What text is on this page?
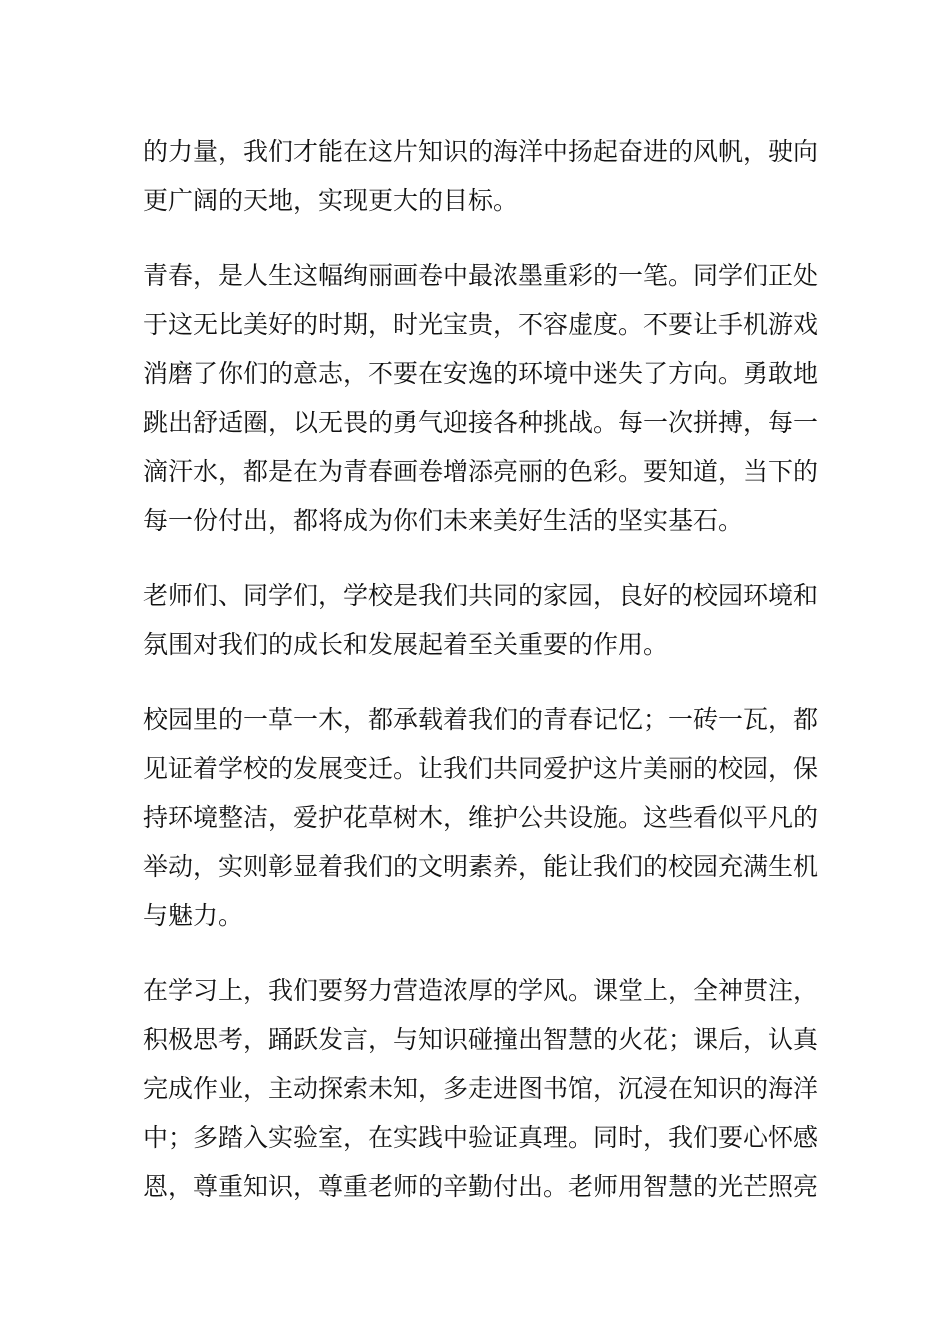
的力量，我们才能在这片知识的海洋中扬起奋进的风帆，驶向
更广阔的天地，实现更大的目标。

青春，是人生这幅绚丽画卷中最浓墨重彩的一笔。同学们正处
于这无比美好的时期，时光宝贵，不容虚度。不要让手机游戏
消磨了你们的意志，不要在安逸的环境中迷失了方向。勇敢地
跳出舒适圈，以无畏的勇气迎接各种挑战。每一次拼搏，每一
滴汗水，都是在为青春画卷增添亮丽的色彩。要知道，当下的
每一份付出，都将成为你们未来美好生活的坚实基石。

老师们、同学们，学校是我们共同的家园，良好的校园环境和
氛围对我们的成长和发展起着至关重要的作用。

校园里的一草一木，都承载着我们的青春记忆；一砖一瓦，都
见证着学校的发展变迁。让我们共同爱护这片美丽的校园，保
持环境整洁，爱护花草树木，维护公共设施。这些看似平凡的
举动，实则彰显着我们的文明素养，能让我们的校园充满生机
与魅力。

在学习上，我们要努力营造浓厚的学风。课堂上，全神贯注，
积极思考，踊跃发言，与知识碰撞出智慧的火花；课后，认真
完成作业，主动探索未知，多走进图书馆，沉浸在知识的海洋
中；多踏入实验室，在实践中验证真理。同时，我们要心怀感
恩，尊重知识，尊重老师的辛勤付出。老师用智慧的光芒照亮
